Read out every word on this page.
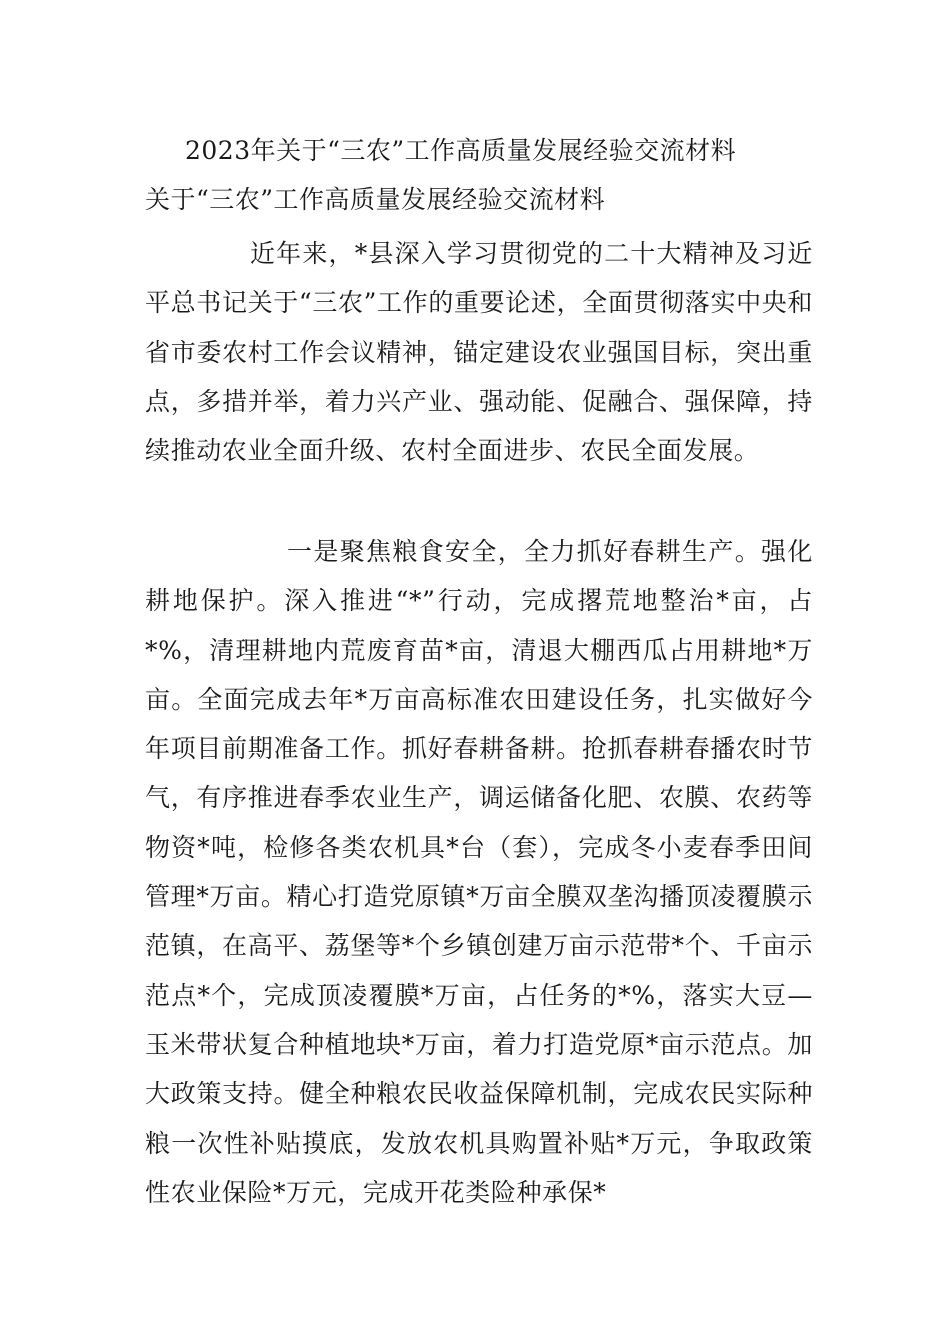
2023年关于“三农”工作高质量发展经验交流材料
关于“三农”工作高质量发展经验交流材料
近年来，*县深入学习贯彻党的二十大精神及习近平总书记关于“三农”工作的重要论述，全面贯彻落实中央和省市委农村工作会议精神，锚定建设农业强国目标，突出重点，多措并举，着力兴产业、强动能、促融合、强保障，持续推动农业全面升级、农村全面进步、农民全面发展。
一是聚焦粮食安全，全力抓好春耕生产。强化耕地保护。深入推进“*”行动，完成撂荒地整治*亩，占*%，清理耕地内荒废育苗*亩，清退大棚西瓜占用耕地*万亩。全面完成去年*万亩高标准农田建设任务，扎实做好今年项目前期准备工作。抓好春耕备耕。抢抓春耕春播农时节气，有序推进春季农业生产，调运储备化肥、农膜、农药等物资*吨，检修各类农机具*台（套），完成冬小麦春季田间管理*万亩。精心打造党原镇*万亩全膜双垄沟播顶凌覆膜示范镇，在高平、荔堡等*个乡镇创建万亩示范带*个、千亩示范点*个，完成顶凌覆膜*万亩，占任务的*%，落实大豆—玉米带状复合种植地块*万亩，着力打造党原*亩示范点。加大政策支持。健全种粮农民收益保障机制，完成农民实际种粮一次性补贴摸底，发放农机具购置补贴*万元，争取政策性农业保险*万元，完成开花类险种承保*
